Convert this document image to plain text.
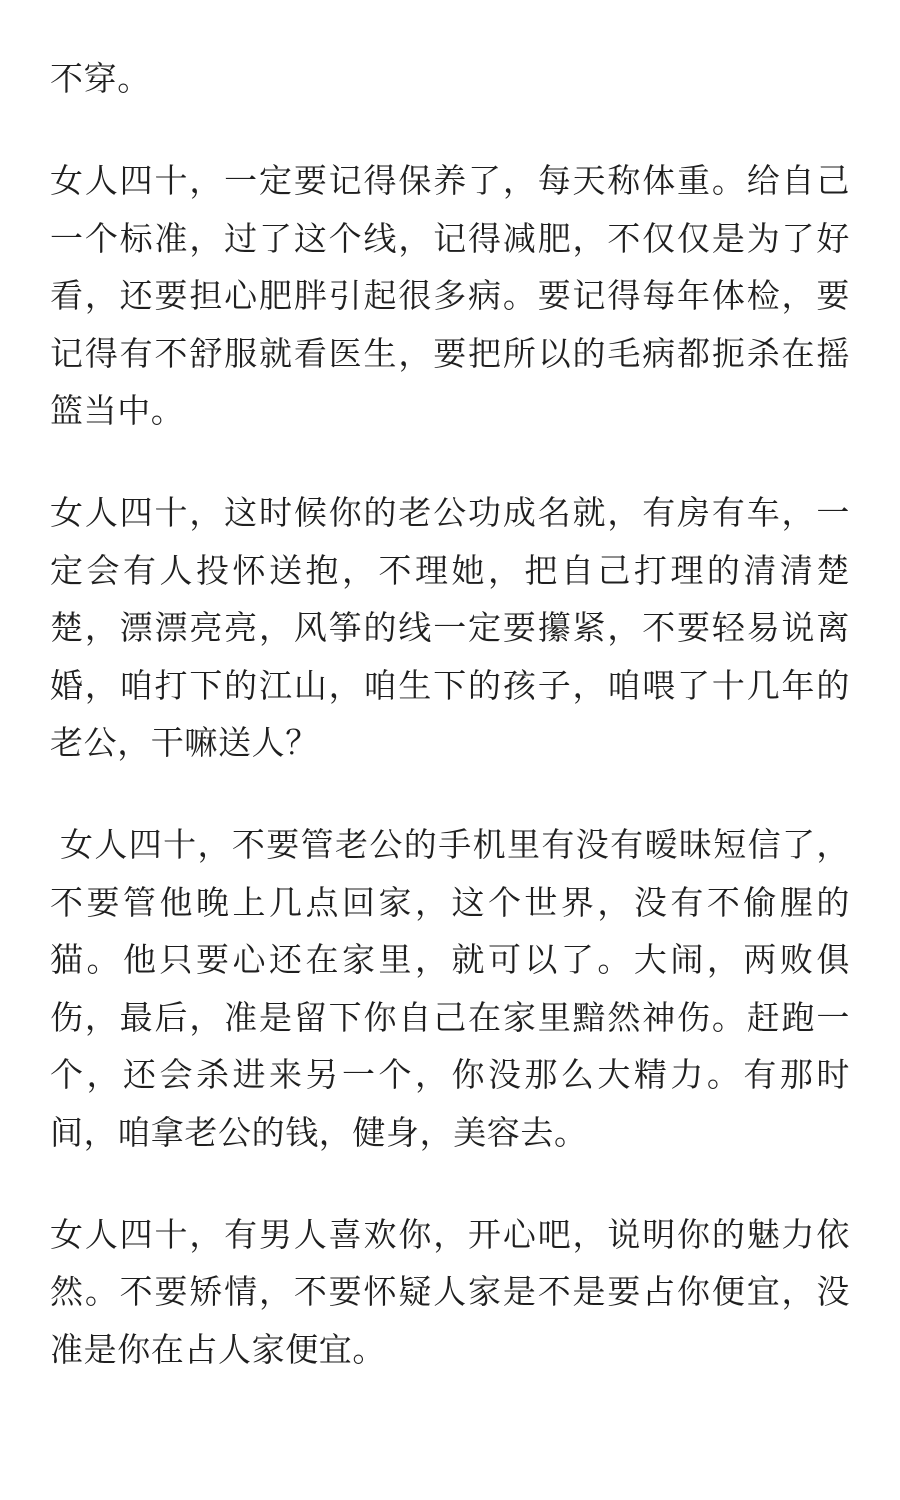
不穿。

女人四十，一定要记得保养了，每天称体重。给自己一个标准，过了这个线，记得减肥，不仅仅是为了好看，还要担心肥胖引起很多病。要记得每年体检，要记得有不舒服就看医生，要把所以的毛病都扼杀在摇篮当中。

女人四十，这时候你的老公功成名就，有房有车，一定会有人投怀送抱，不理她，把自己打理的清清楚楚，漂漂亮亮，风筝的线一定要攥紧，不要轻易说离婚，咱打下的江山，咱生下的孩子，咱喂了十几年的老公，干嘛送人？

女人四十，不要管老公的手机里有没有暧昧短信了，不要管他晚上几点回家，这个世界，没有不偷腥的猫。他只要心还在家里，就可以了。大闹，两败俱伤，最后，准是留下你自己在家里黯然神伤。赶跑一个，还会杀进来另一个，你没那么大精力。有那时间，咱拿老公的钱，健身，美容去。

女人四十，有男人喜欢你，开心吧，说明你的魅力依然。不要矫情，不要怀疑人家是不是要占你便宜，没准是你在占人家便宜。
